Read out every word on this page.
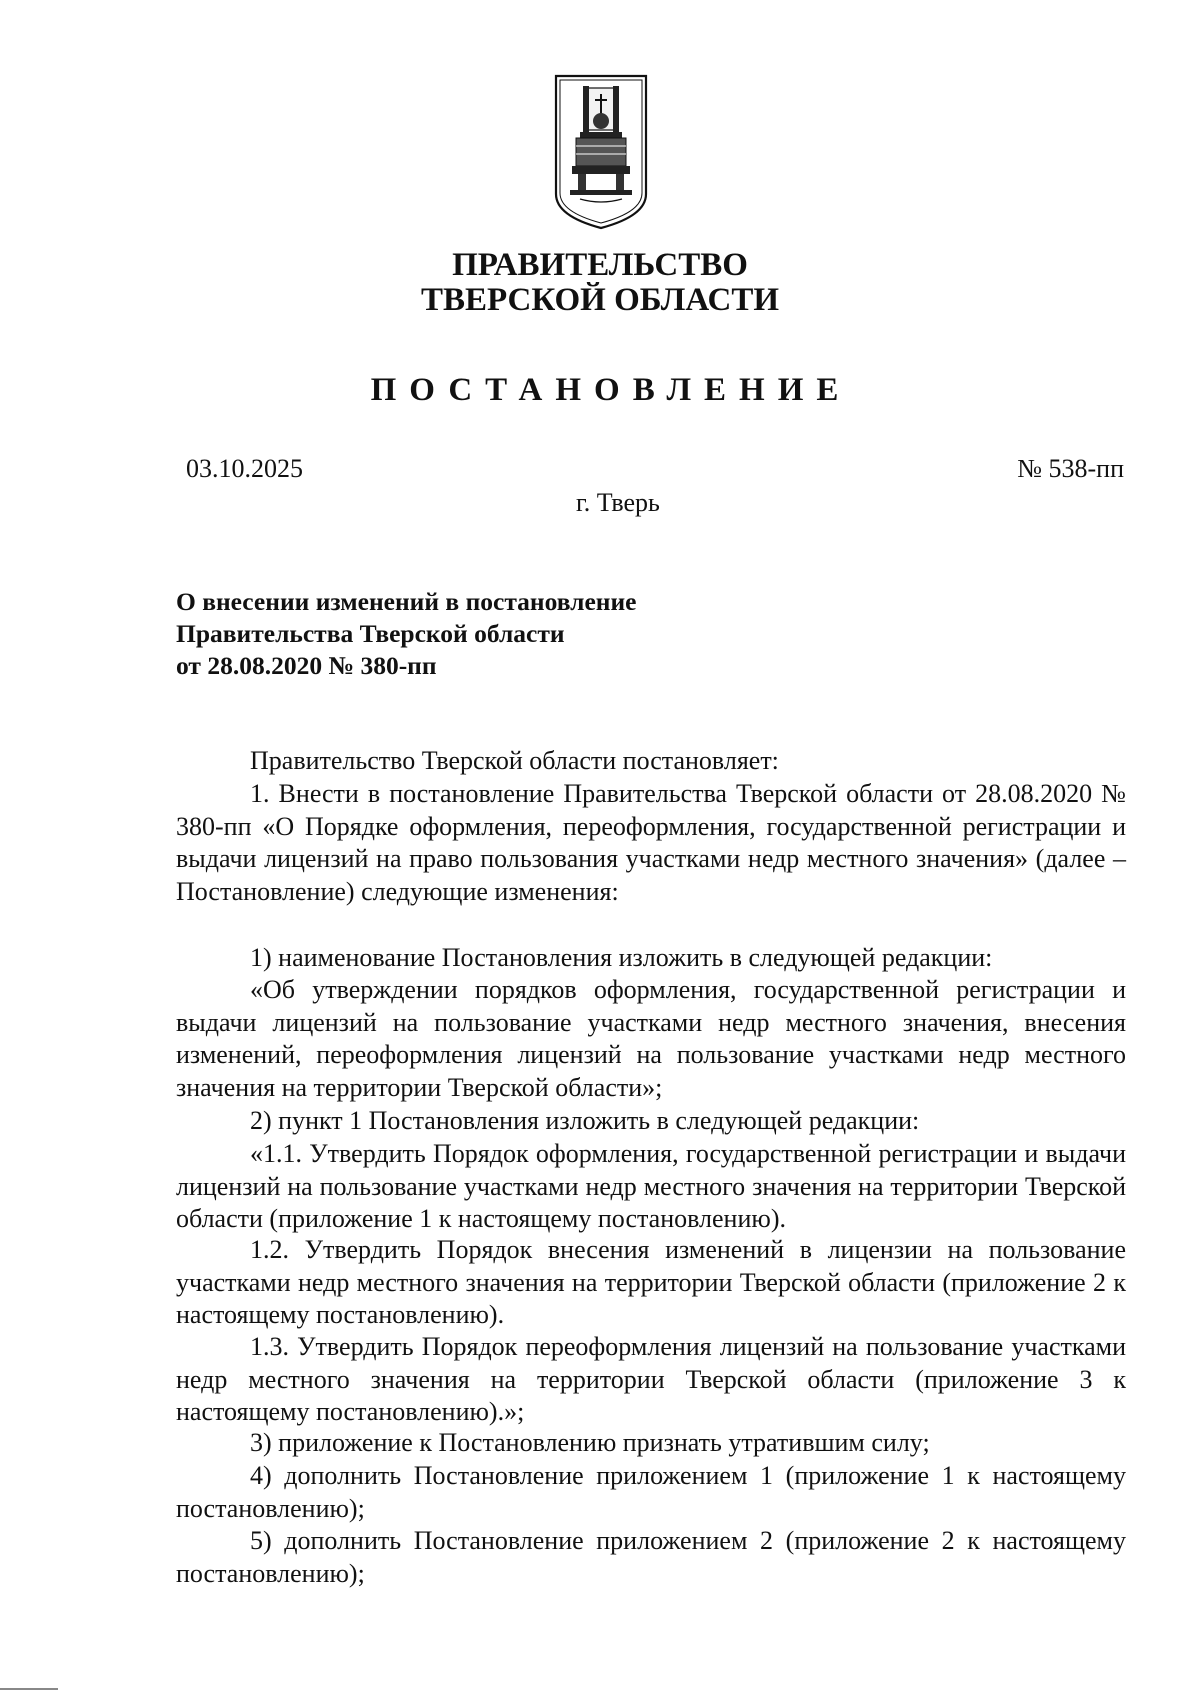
ПРАВИТЕЛЬСТВО
ТВЕРСКОЙ ОБЛАСТИ
ПОСТАНОВЛЕНИЕ
03.10.2025	№ 538-пп
г. Тверь
О внесении изменений в постановление
Правительства Тверской области
от 28.08.2020 № 380-пп

Правительство Тверской области постановляет:

1. Внести в постановление Правительства Тверской области от 28.08.2020 № 380-пп «О Порядке оформления, переоформления, государственной регистрации и выдачи лицензий на право пользования участками недр местного значения» (далее – Постановление) следующие изменения:

1) наименование Постановления изложить в следующей редакции:

«Об утверждении порядков оформления, государственной регистрации и выдачи лицензий на пользование участками недр местного значения, внесения изменений, переоформления лицензий на пользование участками недр местного значения на территории Тверской области»;

2) пункт 1 Постановления изложить в следующей редакции:

«1.1. Утвердить Порядок оформления, государственной регистрации и выдачи лицензий на пользование участками недр местного значения на территории Тверской области (приложение 1 к настоящему постановлению).

1.2. Утвердить Порядок внесения изменений в лицензии на пользование участками недр местного значения на территории Тверской области (приложение 2 к настоящему постановлению).

1.3. Утвердить Порядок переоформления лицензий на пользование участками недр местного значения на территории Тверской области (приложение 3 к настоящему постановлению).»;

3) приложение к Постановлению признать утратившим силу;

4) дополнить Постановление приложением 1 (приложение 1 к настоящему постановлению);

5) дополнить Постановление приложением 2 (приложение 2 к настоящему постановлению);
